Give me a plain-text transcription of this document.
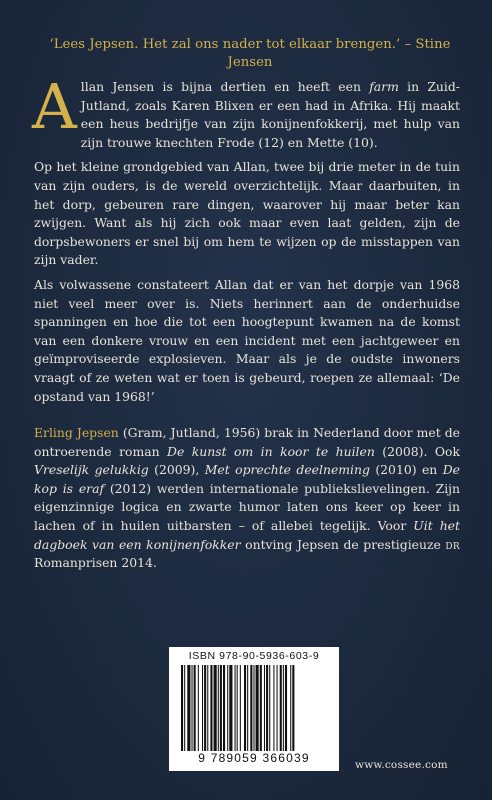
‘Lees Jepsen. Het zal ons nader tot elkaar brengen.’ – Stine Jensen

Allan Jensen is bijna dertien en heeft een farm in Zuid-Jutland, zoals Karen Blixen er een had in Afrika. Hij maakt een heus bedrijfje van zijn konijnenfokkerij, met hulp van zijn trouwe knechten Frode (12) en Mette (10).

Op het kleine grondgebied van Allan, twee bij drie meter in de tuin van zijn ouders, is de wereld overzichtelijk. Maar daarbuiten, in het dorp, gebeuren rare dingen, waarover hij maar beter kan zwijgen. Want als hij zich ook maar even laat gelden, zijn de dorpsbewoners er snel bij om hem te wijzen op de misstappen van zijn vader.

Als volwassene constateert Allan dat er van het dorpje van 1968 niet veel meer over is. Niets herinnert aan de onderhuidse spanningen en hoe die tot een hoogtepunt kwamen na de komst van een donkere vrouw en een incident met een jachtgeweer en geïmproviseerde explosieven. Maar als je de oudste inwoners vraagt of ze weten wat er toen is gebeurd, roepen ze allemaal: ‘De opstand van 1968!’

Erling Jepsen (Gram, Jutland, 1956) brak in Nederland door met de ontroerende roman De kunst om in koor te huilen (2008). Ook Vreselijk gelukkig (2009), Met oprechte deelneming (2010) en De kop is eraf (2012) werden internationale publiekslievelingen. Zijn eigenzinnige logica en zwarte humor laten ons keer op keer in lachen of in huilen uitbarsten – of allebei tegelijk. Voor Uit het dagboek van een konijnenfokker ontving Jepsen de prestigieuze dr Romanprisen 2014.

ISBN 978-90-5936-603-9
9 789059 366039	www.cossee.com
